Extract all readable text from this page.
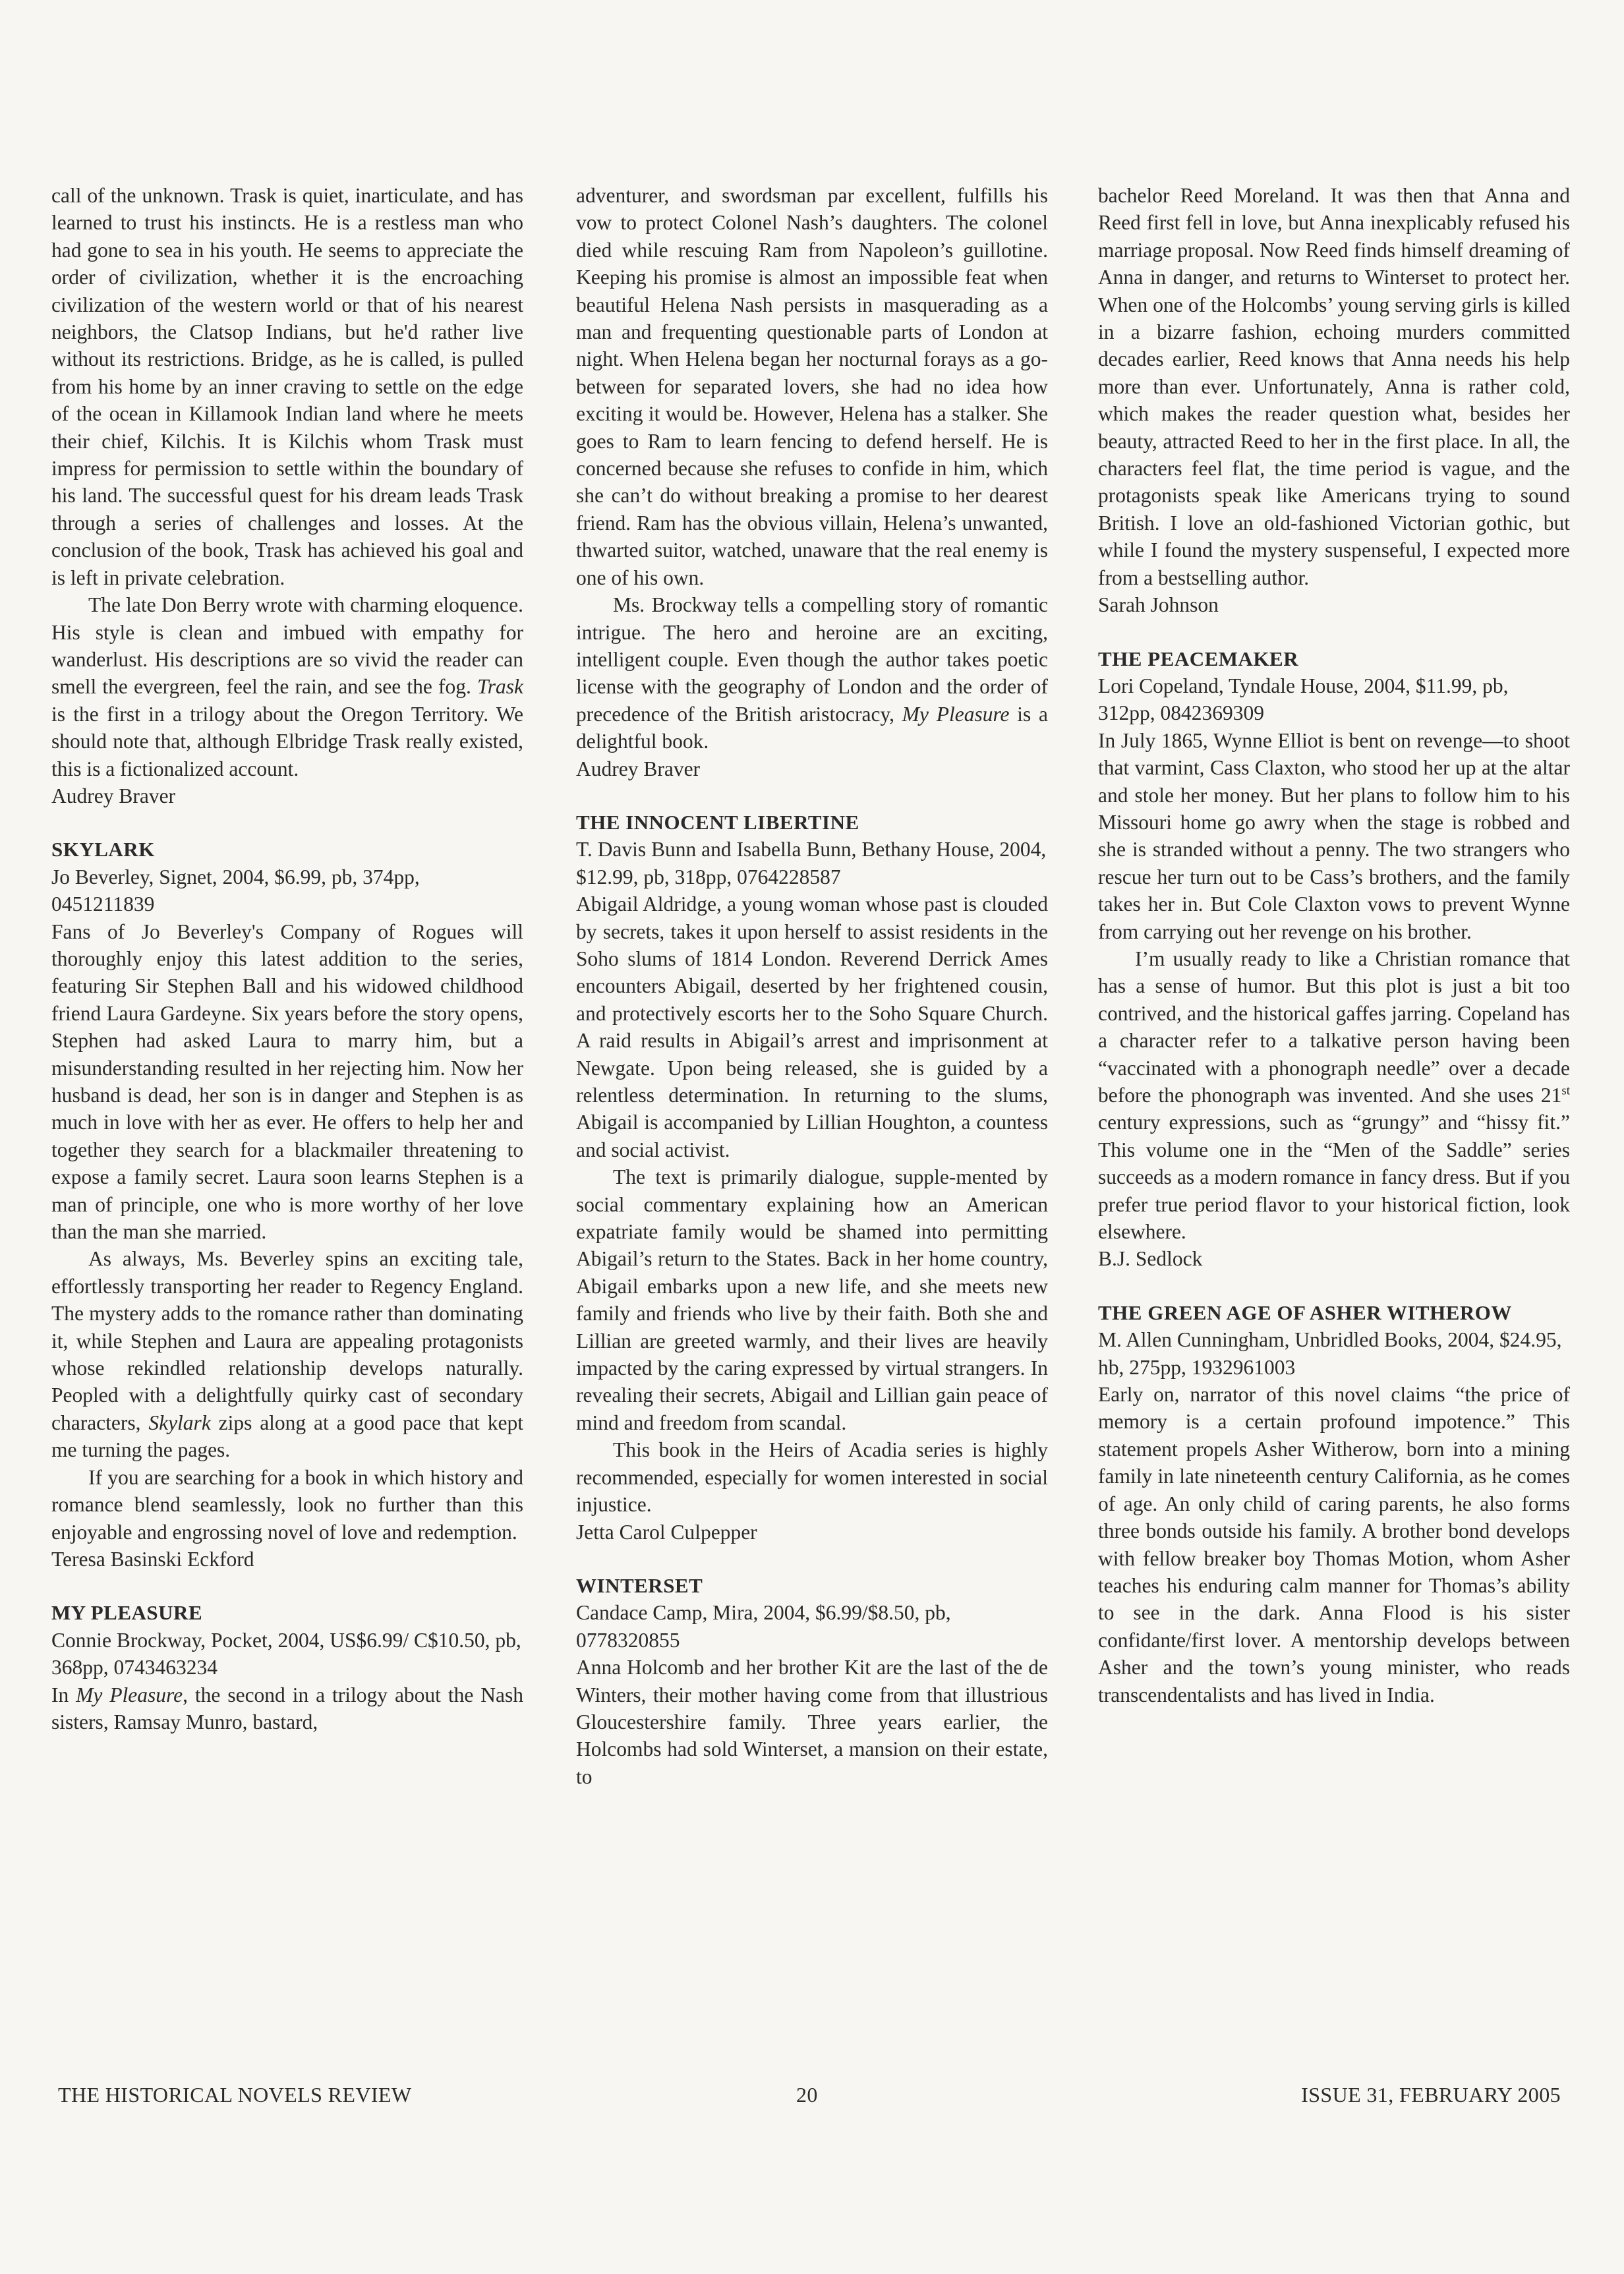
call of the unknown. Trask is quiet, inarticulate, and has learned to trust his instincts. He is a restless man who had gone to sea in his youth. He seems to appreciate the order of civilization, whether it is the encroaching civilization of the western world or that of his nearest neighbors, the Clatsop Indians, but he'd rather live without its restrictions. Bridge, as he is called, is pulled from his home by an inner craving to settle on the edge of the ocean in Killamook Indian land where he meets their chief, Kilchis. It is Kilchis whom Trask must impress for permission to settle within the boundary of his land. The successful quest for his dream leads Trask through a series of challenges and losses. At the conclusion of the book, Trask has achieved his goal and is left in private celebration.

The late Don Berry wrote with charming eloquence. His style is clean and imbued with empathy for wanderlust. His descriptions are so vivid the reader can smell the evergreen, feel the rain, and see the fog. Trask is the first in a trilogy about the Oregon Territory. We should note that, although Elbridge Trask really existed, this is a fictionalized account.

Audrey Braver

SKYLARK

Jo Beverley, Signet, 2004, $6.99, pb, 374pp, 0451211839

Fans of Jo Beverley's Company of Rogues will thoroughly enjoy this latest addition to the series, featuring Sir Stephen Ball and his widowed childhood friend Laura Gardeyne. Six years before the story opens, Stephen had asked Laura to marry him, but a misunderstanding resulted in her rejecting him. Now her husband is dead, her son is in danger and Stephen is as much in love with her as ever. He offers to help her and together they search for a blackmailer threatening to expose a family secret. Laura soon learns Stephen is a man of principle, one who is more worthy of her love than the man she married.

As always, Ms. Beverley spins an exciting tale, effortlessly transporting her reader to Regency England. The mystery adds to the romance rather than dominating it, while Stephen and Laura are appealing protagonists whose rekindled relationship develops naturally. Peopled with a delightfully quirky cast of secondary characters, Skylark zips along at a good pace that kept me turning the pages.

If you are searching for a book in which history and romance blend seamlessly, look no further than this enjoyable and engrossing novel of love and redemption.

Teresa Basinski Eckford

MY PLEASURE

Connie Brockway, Pocket, 2004, US$6.99/ C$10.50, pb, 368pp, 0743463234

In My Pleasure, the second in a trilogy about the Nash sisters, Ramsay Munro, bastard,

adventurer, and swordsman par excellent, fulfills his vow to protect Colonel Nash’s daughters. The colonel died while rescuing Ram from Napoleon’s guillotine. Keeping his promise is almost an impossible feat when beautiful Helena Nash persists in masquerading as a man and frequenting questionable parts of London at night. When Helena began her nocturnal forays as a go-between for separated lovers, she had no idea how exciting it would be. However, Helena has a stalker. She goes to Ram to learn fencing to defend herself. He is concerned because she refuses to confide in him, which she can’t do without breaking a promise to her dearest friend. Ram has the obvious villain, Helena’s unwanted, thwarted suitor, watched, unaware that the real enemy is one of his own.

Ms. Brockway tells a compelling story of romantic intrigue. The hero and heroine are an exciting, intelligent couple. Even though the author takes poetic license with the geography of London and the order of precedence of the British aristocracy, My Pleasure is a delightful book.

Audrey Braver

THE INNOCENT LIBERTINE

T. Davis Bunn and Isabella Bunn, Bethany House, 2004, $12.99, pb, 318pp, 0764228587

Abigail Aldridge, a young woman whose past is clouded by secrets, takes it upon herself to assist residents in the Soho slums of 1814 London. Reverend Derrick Ames encounters Abigail, deserted by her frightened cousin, and protectively escorts her to the Soho Square Church. A raid results in Abigail’s arrest and imprisonment at Newgate. Upon being released, she is guided by a relentless determination. In returning to the slums, Abigail is accompanied by Lillian Houghton, a countess and social activist.

The text is primarily dialogue, supple-mented by social commentary explaining how an American expatriate family would be shamed into permitting Abigail’s return to the States. Back in her home country, Abigail embarks upon a new life, and she meets new family and friends who live by their faith. Both she and Lillian are greeted warmly, and their lives are heavily impacted by the caring expressed by virtual strangers. In revealing their secrets, Abigail and Lillian gain peace of mind and freedom from scandal.

This book in the Heirs of Acadia series is highly recommended, especially for women interested in social injustice.

Jetta Carol Culpepper

WINTERSET

Candace Camp, Mira, 2004, $6.99/$8.50, pb, 0778320855

Anna Holcomb and her brother Kit are the last of the de Winters, their mother having come from that illustrious Gloucestershire family. Three years earlier, the Holcombs had sold Winterset, a mansion on their estate, to

bachelor Reed Moreland. It was then that Anna and Reed first fell in love, but Anna inexplicably refused his marriage proposal. Now Reed finds himself dreaming of Anna in danger, and returns to Winterset to protect her. When one of the Holcombs’ young serving girls is killed in a bizarre fashion, echoing murders committed decades earlier, Reed knows that Anna needs his help more than ever. Unfortunately, Anna is rather cold, which makes the reader question what, besides her beauty, attracted Reed to her in the first place. In all, the characters feel flat, the time period is vague, and the protagonists speak like Americans trying to sound British. I love an old-fashioned Victorian gothic, but while I found the mystery suspenseful, I expected more from a bestselling author.

Sarah Johnson

THE PEACEMAKER

Lori Copeland, Tyndale House, 2004, $11.99, pb, 312pp, 0842369309

In July 1865, Wynne Elliot is bent on revenge—to shoot that varmint, Cass Claxton, who stood her up at the altar and stole her money. But her plans to follow him to his Missouri home go awry when the stage is robbed and she is stranded without a penny. The two strangers who rescue her turn out to be Cass’s brothers, and the family takes her in. But Cole Claxton vows to prevent Wynne from carrying out her revenge on his brother.

I’m usually ready to like a Christian romance that has a sense of humor. But this plot is just a bit too contrived, and the historical gaffes jarring. Copeland has a character refer to a talkative person having been “vaccinated with a phonograph needle” over a decade before the phonograph was invented. And she uses 21st century expressions, such as “grungy” and “hissy fit.” This volume one in the “Men of the Saddle” series succeeds as a modern romance in fancy dress. But if you prefer true period flavor to your historical fiction, look elsewhere.

B.J. Sedlock

THE GREEN AGE OF ASHER WITHEROW

M. Allen Cunningham, Unbridled Books, 2004, $24.95, hb, 275pp, 1932961003

Early on, narrator of this novel claims “the price of memory is a certain profound impotence.” This statement propels Asher Witherow, born into a mining family in late nineteenth century California, as he comes of age. An only child of caring parents, he also forms three bonds outside his family. A brother bond develops with fellow breaker boy Thomas Motion, whom Asher teaches his enduring calm manner for Thomas’s ability to see in the dark. Anna Flood is his sister confidante/first lover. A mentorship develops between Asher and the town’s young minister, who reads transcendentalists and has lived in India.

THE HISTORICAL NOVELS REVIEW	20	ISSUE 31, FEBRUARY 2005
